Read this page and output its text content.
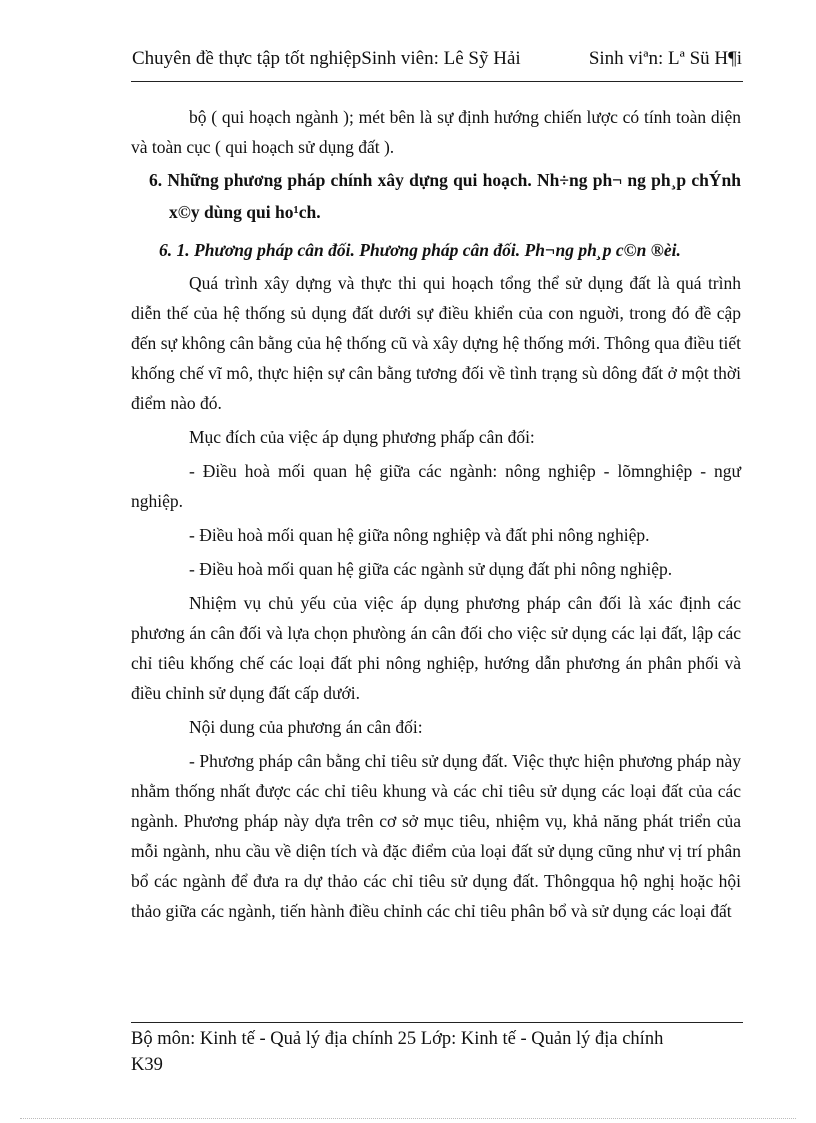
Chuyên đề thực tập tốt nghiệpSinh viên: Lê Sỹ Hải	Sinh viªn: Lª Sü H¶i

bộ ( qui hoạch ngành ); mét bên là sự định hướng chiến lược có tính toàn diện và toàn cục ( qui hoạch sử dụng đất ).

6. Những phương pháp chính xây dựng qui hoạch. Nh÷ng ph¬ ng ph¸p chÝnh x©y dùng qui ho¹ch.

6. 1. Phương pháp cân đối. Phương pháp cân đối. Ph¬ng ph¸p c©n ®èi.

Quá trình xây dựng và thực thi qui hoạch tổng thể sử dụng đất là quá trình diễn thế của hệ thống sủ dụng đất dưới sự điều khiển của con nguời, trong đó đề cập đến sự không cân bằng của hệ thống cũ và xây dựng hệ thống mới. Thông qua điều tiết khống chế vĩ mô, thực hiện sự cân bằng tương đối về tình trạng sù dông đất ở một thời điểm nào đó.

Mục đích của việc áp dụng phương phấp cân đối:

- Điều hoà mối quan hệ giữa các ngành: nông nghiệp - lõmnghiệp - ngư nghiệp.

- Điều hoà mối quan hệ giữa nông nghiệp và đất phi nông nghiệp.

- Điều hoà mối quan hệ giữa các ngành sử dụng đất phi nông nghiệp.

Nhiệm vụ chủ yếu của việc áp dụng phương pháp cân đối là xác định các phương án cân đối và lựa chọn phưòng án cân đối cho việc sử dụng các lại đất, lập các chỉ tiêu khống chế các loại đất phi nông nghiệp, hướng dẫn phương án phân phối và điều chỉnh sử dụng đất cấp dưới.

Nội dung của phương án cân đối:

- Phương pháp cân bằng chỉ tiêu sử dụng đất. Việc thực hiện phương pháp này nhằm thống nhất được các chỉ tiêu khung và các chỉ tiêu sử dụng các loại đất của các ngành. Phương pháp này dựa trên cơ sở mục tiêu, nhiệm vụ, khả năng phát triển của mỗi ngành, nhu cầu về diện tích và đặc điểm của loại đất sử dụng cũng như vị trí phân bổ các ngành để đưa ra dự thảo các chỉ tiêu sử dụng đất. Thôngqua hộ nghị hoặc hội thảo giữa các ngành, tiến hành điều chỉnh các chỉ tiêu phân bổ và sử dụng các loại đất

Bộ môn: Kinh tế - Quả lý địa chính 25 Lớp: Kinh tế - Quản lý địa chính
K39
